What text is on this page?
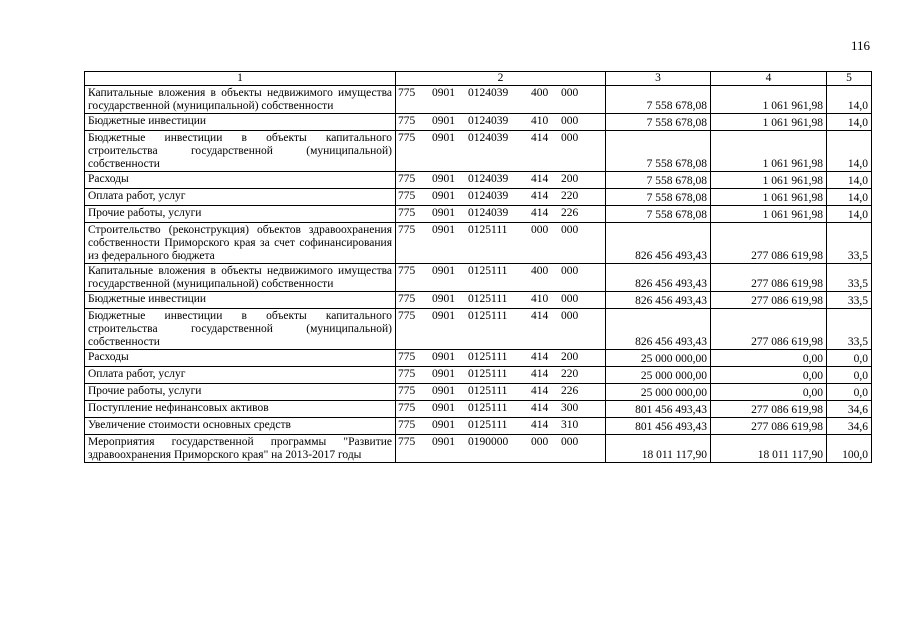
116
1	2	3	4	5
Капитальные вложения в объекты недвижимого имущества государственной (муниципальной) собственности	775 0901 0124039 400 000	7 558 678,08	1 061 961,98	14,0
Бюджетные инвестиции	775 0901 0124039 410 000	7 558 678,08	1 061 961,98	14,0
Бюджетные инвестиции в объекты капитального строительства государственной (муниципальной) собственности	775 0901 0124039 414 000	7 558 678,08	1 061 961,98	14,0
Расходы	775 0901 0124039 414 200	7 558 678,08	1 061 961,98	14,0
Оплата работ, услуг	775 0901 0124039 414 220	7 558 678,08	1 061 961,98	14,0
Прочие работы, услуги	775 0901 0124039 414 226	7 558 678,08	1 061 961,98	14,0
Строительство (реконструкция) объектов здравоохранения собственности Приморского края за счет софинансирования из федерального бюджета	775 0901 0125111 000 000	826 456 493,43	277 086 619,98	33,5
Капитальные вложения в объекты недвижимого имущества государственной (муниципальной) собственности	775 0901 0125111 400 000	826 456 493,43	277 086 619,98	33,5
Бюджетные инвестиции	775 0901 0125111 410 000	826 456 493,43	277 086 619,98	33,5
Бюджетные инвестиции в объекты капитального строительства государственной (муниципальной) собственности	775 0901 0125111 414 000	826 456 493,43	277 086 619,98	33,5
Расходы	775 0901 0125111 414 200	25 000 000,00	0,00	0,0
Оплата работ, услуг	775 0901 0125111 414 220	25 000 000,00	0,00	0,0
Прочие работы, услуги	775 0901 0125111 414 226	25 000 000,00	0,00	0,0
Поступление нефинансовых активов	775 0901 0125111 414 300	801 456 493,43	277 086 619,98	34,6
Увеличение стоимости основных средств	775 0901 0125111 414 310	801 456 493,43	277 086 619,98	34,6
Мероприятия государственной программы "Развитие здравоохранения Приморского края" на 2013-2017 годы	775 0901 0190000 000 000	18 011 117,90	18 011 117,90	100,0
